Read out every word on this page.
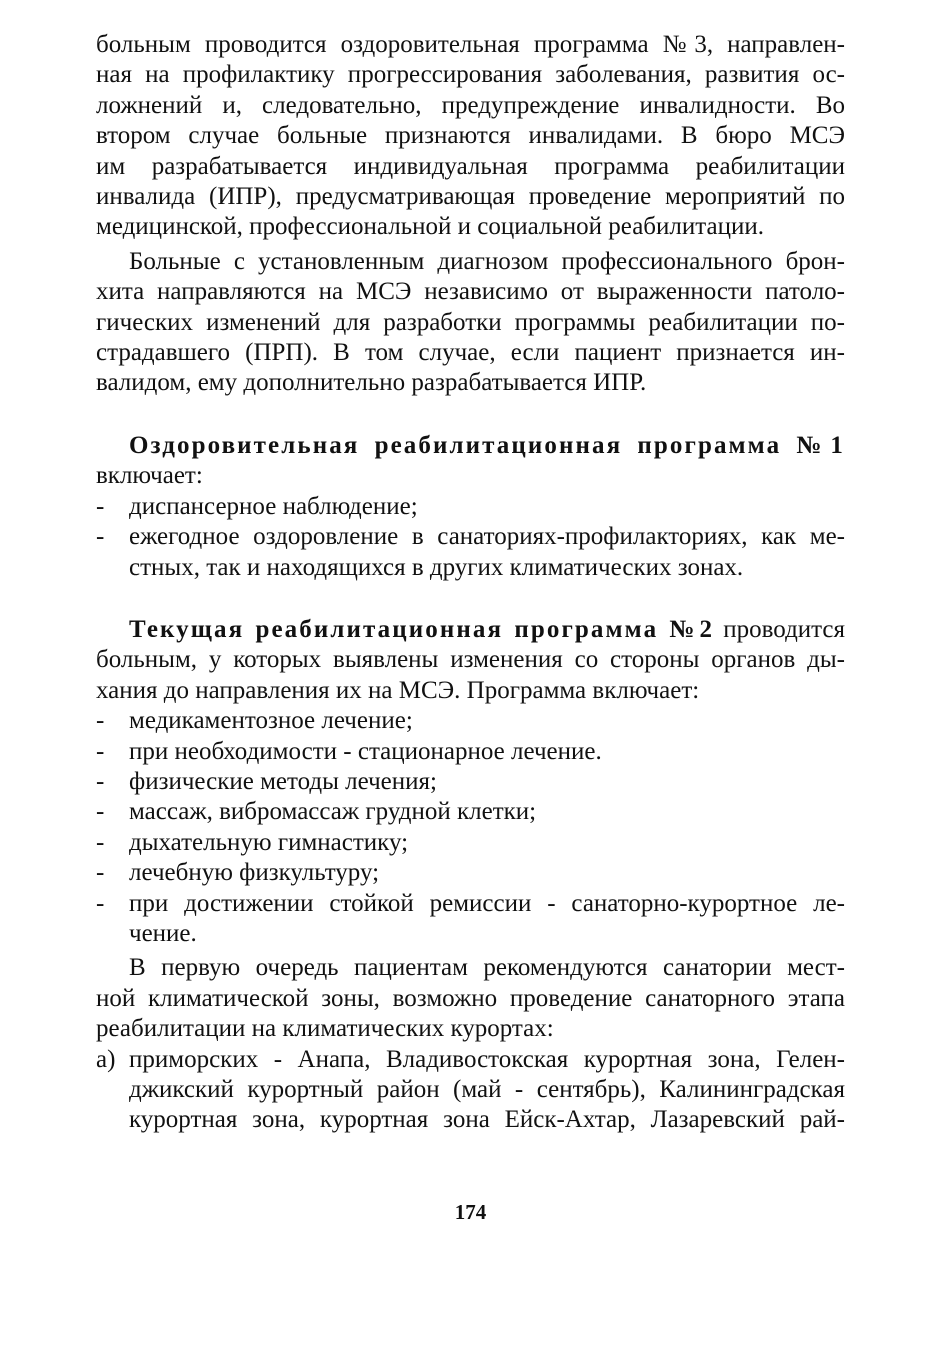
больным проводится оздоровительная программа №3, направлен-
ная на профилактику прогрессирования заболевания, развития ос-
ложнений и, следовательно, предупреждение инвалидности. Во
втором случае больные признаются инвалидами. В бюро МСЭ
им разрабатывается индивидуальная программа реабилитации
инвалида (ИПР), предусматривающая проведение мероприятий по
медицинской, профессиональной и социальной реабилитации.
Больные с установленным диагнозом профессионального брон-
хита направляются на МСЭ независимо от выраженности патоло-
гических изменений для разработки программы реабилитации по-
страдавшего (ПРП). В том случае, если пациент признается ин-
валидом, ему дополнительно разрабатывается ИПР.
Оздоровительная реабилитационная программа №1
включает:
- диспансерное наблюдение;
- ежегодное оздоровление в санаториях-профилакториях, как ме-
стных, так и находящихся в других климатических зонах.
Текущая реабилитационная программа №2 проводится
больным, у которых выявлены изменения со стороны органов ды-
хания до направления их на МСЭ. Программа включает:
- медикаментозное лечение;
- при необходимости - стационарное лечение.
- физические методы лечения;
- массаж, вибромассаж грудной клетки;
- дыхательную гимнастику;
- лечебную физкультуру;
- при достижении стойкой ремиссии - санаторно-курортное ле-
чение.
В первую очередь пациентам рекомендуются санатории мест-
ной климатической зоны, возможно проведение санаторного этапа
реабилитации на климатических курортах:
а) приморских - Анапа, Владивостокская курортная зона, Гелен-
джикский курортный район (май - сентябрь), Калининградская
курортная зона, курортная зона Ейск-Ахтар, Лазаревский рай-
174
